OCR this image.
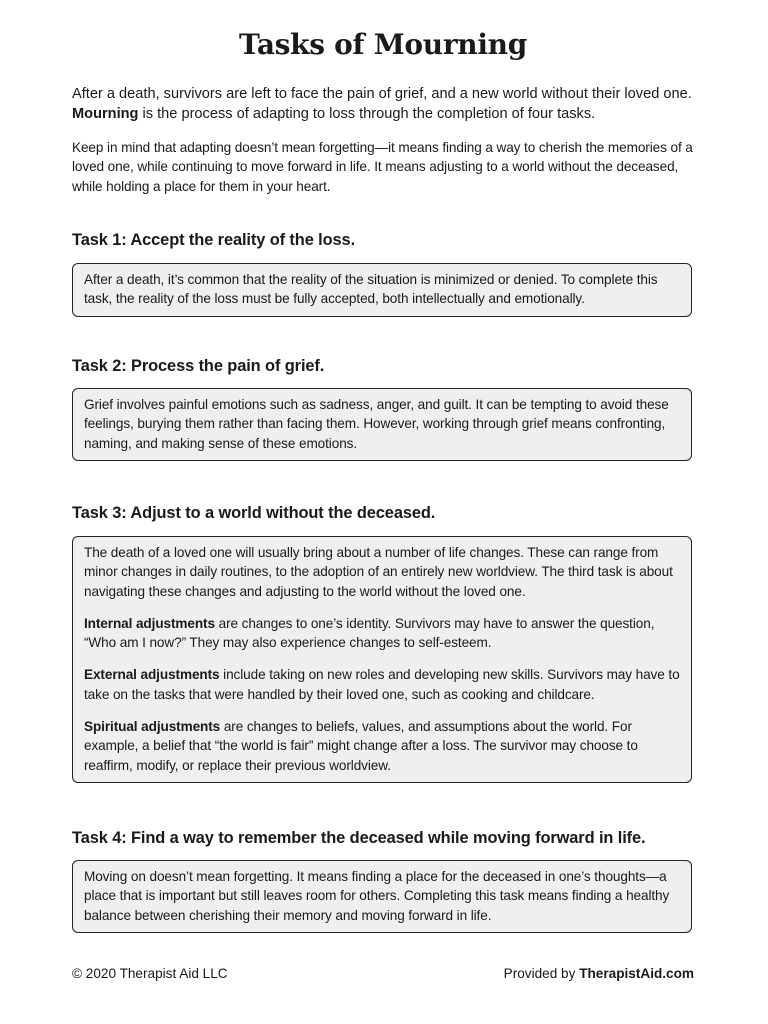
Tasks of Mourning

After a death, survivors are left to face the pain of grief, and a new world without their loved one. Mourning is the process of adapting to loss through the completion of four tasks.

Keep in mind that adapting doesn’t mean forgetting—it means finding a way to cherish the memories of a loved one, while continuing to move forward in life. It means adjusting to a world without the deceased, while holding a place for them in your heart.

Task 1: Accept the reality of the loss.

After a death, it’s common that the reality of the situation is minimized or denied. To complete this task, the reality of the loss must be fully accepted, both intellectually and emotionally.

Task 2: Process the pain of grief.

Grief involves painful emotions such as sadness, anger, and guilt. It can be tempting to avoid these feelings, burying them rather than facing them. However, working through grief means confronting, naming, and making sense of these emotions.

Task 3: Adjust to a world without the deceased.

The death of a loved one will usually bring about a number of life changes. These can range from minor changes in daily routines, to the adoption of an entirely new worldview. The third task is about navigating these changes and adjusting to the world without the loved one.

Internal adjustments are changes to one’s identity. Survivors may have to answer the question, “Who am I now?” They may also experience changes to self-esteem.

External adjustments include taking on new roles and developing new skills. Survivors may have to take on the tasks that were handled by their loved one, such as cooking and childcare.

Spiritual adjustments are changes to beliefs, values, and assumptions about the world. For example, a belief that “the world is fair” might change after a loss. The survivor may choose to reaffirm, modify, or replace their previous worldview.

Task 4: Find a way to remember the deceased while moving forward in life.

Moving on doesn’t mean forgetting. It means finding a place for the deceased in one’s thoughts—a place that is important but still leaves room for others. Completing this task means finding a healthy balance between cherishing their memory and moving forward in life.

© 2020 Therapist Aid LLC	Provided by TherapistAid.com
